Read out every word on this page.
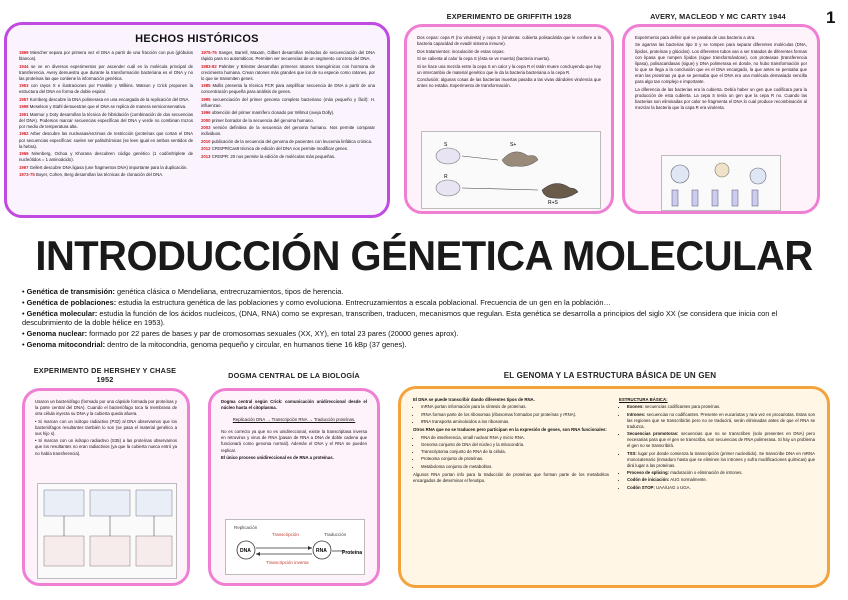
1
HECHOS HISTÓRICOS

1869 Miescher separa por primera vez el DNA a partir de una fracción con pus (glóbulos blancos).

1944 se ve en diversos experimentos por ascender cuál es la molécula principal de transferencia. Avery demuestra que durante la transformación bacteriana es el DNA y no las proteínas las que contiene la información genética.

1953 con rayos X e ilustraciones por Franklin y Wilkins. Watson y Crick proponen la estructura del DNA en forma de doble espiral.

1957 Kornberg descubre la DNA polimerasa en una encargada de la replicación del DNA.

1958 Meselson y Stahl demuestran que el DNA se replica de manera semiconservativa.

1961 Marmur y Doty desarrollan la técnica de hibridación (combinación de dos secuencias del DNA). Podemos marcar secuencias específicas del DNA y verde no combinan trozos por medio de temperatura alta.

1962 Arber descubre las nucleasas/enzimas de restricción (proteínas que cortan el DNA por secuencias específicas: suelen ser palindrómicas (se leen igual en ambos sentidos de la hebra).

1966 Nirenberg, Ochoa y Khorana descubren código genético (1 codón/triplete de nucleótidos = 1 aminoácido).

1967 Gellert descubre DNA ligasa (une fragmentos DNA) importante para la duplicación.

1973-75 Boyer, Cohen, Berg desarrollan las técnicas de clonación del DNA.

1975-75 Sanger, Barrell, Maxam, Gilbert desarrollan métodos de secuenciación del DNA rápido para no automáticos. Permiten ver secuencias de un segmento concreto del DNA.

1983-82 Palmiter y Brinster desarrollan primeros ratones transgénicos con hormona de crecimiento humana. Crean ratones más grandes que los de su especie como ratones, por lo que se transmiten genes.

1985 Mullis presenta la técnica PCR para amplificar secuencia de DNA a partir de una concentración pequeña para análisis de genes.

1995 secuenciación del primer genoma completo bacteriano (más pequeño y fácil): H. influenzae.

1996 obtención del primer mamífero clonado por Wilmut (oveja Dolly).

2000 primer borrador de la secuencia del genoma humano.

2003 versión definitiva de la secuencia del genoma humano. Nos permite comparar individuos.

2010 publicación de la secuencia del genoma de pacientes con leucemia linfática crónica.

2012 CRISPR/Cas9 técnica de edición del DNA nos permite modificar genes.

2013 CRISPR: 20 nos permite la edición de moléculas más pequeñas.

EXPERIMENTO DE GRIFFITH 1928

Dos cepas: cepa R (no virulenta) y cepa S (virulenta: cubierta polisacárida que le confiere a la bacteria capacidad de evadir sistema inmune).

Dos tratamientos: inoculación de estas cepas.

Si se calienta al calor la cepa S (ésta se ve muerta) (bacteria muerta).

Si se hace una mezcla entre la cepa S en calor y la cepa R el ratón muere concluyendo que hay un intercambio de material genético que le da la bacteria bacteriana a la cepa R.

Conclusión: algunas cosas de las bacterias muertas pasaba a las vivas dándoles virulencia que antes no estaba. Experimento de transformación.

S
R
S+
R+S
AVERY, MACLEOD Y MC CARTY 1944

Experimento para definir qué se pasaba de una bacteria a otra.

Se agarran las bacterias tipo S y se rompen para separar diferentes moléculas (DNA, lípidos, proteínas y glúcidos). Los diferentes tubos van a ser tratados de diferentes formas con lipasa que rompen lípidos (sigue transformándose), con proteasas (transferencia lipasa), polisacaridasas (sigue) y DNA polimerasa en donde, no hubo transformación por lo que se llega a la conclusión que es el DNA encargado, la que antes se pensaba que eran las proteínas ya que se pensaba que el DNA era una molécula demasiado sencilla para algo tan complejo e importante.

La diferencia de las bacterias era la cubierta. Debía haber un gen que codificara para la producción de esta cubierta. La cepa S tenía un gen que la cepa R no. Cuando las bacterias son eliminadas por calor se fragmenta el DNA lo cual produce recombinación al mezclar la bacteria que la capa R era virulenta.

INTRODUCCIÓN GÉNETICA MOLECULAR
• Genética de transmisión: genética clásica o Mendeliana, entrecruzamientos, tipos de herencia.
• Genética de poblaciones: estudia la estructura genética de las poblaciones y como evoluciona. Entrecruzamientos a escala poblacional. Frecuencia de un gen en la población…
• Genética molecular: estudia la función de los ácidos nucleicos, (DNA, RNA) como se expresan, transcriben, traducen, mecanismos que regulan. Esta genética se desarrolla a principios del siglo XX (se considera que inicia con el descubrimiento de la doble hélice en 1953).
• Genoma nuclear: formado por 22 pares de bases y par de cromosomas sexuales (XX, XY), en total 23 pares (20000 genes aprox).
• Genoma mitocondrial: dentro de la mitocondria, genoma pequeño y circular, en humanos tiene 16 kBp (37 genes).
EXPERIMENTO DE HERSHEY Y CHASE 1952

Usaron un bacteriófago (formado por una cápside formada por proteínas y la parte central del DNA). Cuando el bacteriófago toca la membrana de otra célula inyecta su DNA y la cubierta queda afuera.

• Si marcan con un isótopo radiactivo (P32) al DNA observamos que los bacteriófagos resultantes también lo son (se pasa el material genético a sus hijo s).

• Si marcan con un isótopo radiactivo (S35) a las proteínas observamos que los resultantes no eran radiactivos (ya que la cubierta nunca entró ya no había transferencia).

DOGMA CENTRAL DE LA BIOLOGÍA

Dogma central según Crick: comunicación unidireccional desde el núcleo hasta el citoplasma.

Replicación DNA → Transcripción RNA → Traducción proteínas.

No es correcto ya que no es unidireccional, existe la transcriptasa inversa en retrovirus y virus de RNA (pasan de RNA a DNA de doble cadena que funcionará como genoma normal). Además el DNA y el RNA se pueden replicar.

El único proceso unidireccional es de RNA a proteínas.

Replicación
DNA
Transcripción
Transcripción inversa
RNA
Traducción
Proteína
EL GENOMA Y LA ESTRUCTURA BÁSICA DE UN GEN

El DNA se puede transcribir dando diferentes tipos de RNA.

• mRNA portan información para la síntesis de proteínas.
• rRNA forman parte de los ribosomas (ribosomas formados por proteínas y rRNA).
• tRNA transporta aminoácidos a los ribosomas.

Otros RNA que no se traducen pero participan en la expresión de genes, son RNA funcionales:

• RNA de interferencia, small nuclear RNA y micro RNA.
• Genoma conjunto de DNA del núcleo y la mitocondria.
• Transcriptoma conjunto de RNA de la célula.
• Proteoma conjunto de proteínas.
• Metaboloma conjunto de metabolitos.

Algunos RNA portan info para la traducción de proteínas que forman parte de los metabolitos encargados de determinar el fenotipo.

ESTRUCTURA BÁSICA:

• Exones: secuencias codificantes para proteínas.
• Intrones: secuencias no codificantes. Presente en eucariotas y rara vez en procariotas. Estas son las regiones que se transcribirán pero no se traducirá, serán eliminadas antes de que el RNA se traduzca.
• Secuencias promotoras: secuencias que no se transcriben (solo presentes en DNA) pero necesarias para que el gen se transcriba, son secuencias de RNA polimerasa. Si hay un problema el gen no se transcribirá.
• TSS: lugar por donde comienza la transcripción (primer nucleótido). Se transcribe DNA en mRNA monocatenario (inmaduro hasta que se eliminen los intrones y sufra modificaciones químicas) que dirá lugar a las proteínas.
• Proceso de splicing: maduración o eliminación de intrones.
• Codón de iniciación: AUG normalmente.
• Codón STOP: UAA/UAG o UGA.
